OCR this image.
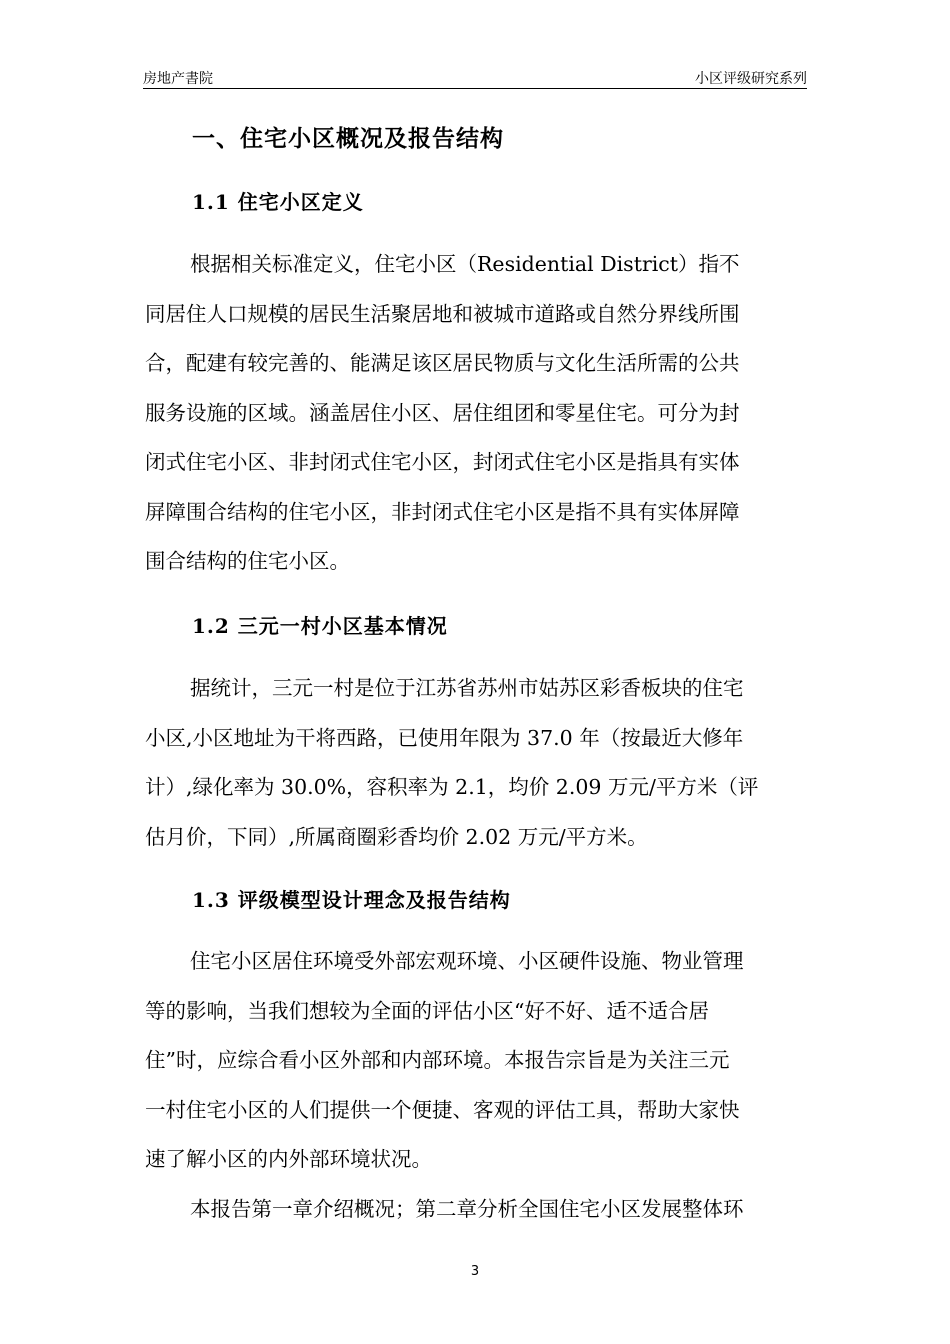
房地产書院	小区评级研究系列
一、住宅小区概况及报告结构
1.1 住宅小区定义
根据相关标准定义，住宅小区（Residential District）指不
同居住人口规模的居民生活聚居地和被城市道路或自然分界线所围
合，配建有较完善的、能满足该区居民物质与文化生活所需的公共
服务设施的区域。涵盖居住小区、居住组团和零星住宅。可分为封
闭式住宅小区、非封闭式住宅小区，封闭式住宅小区是指具有实体
屏障围合结构的住宅小区，非封闭式住宅小区是指不具有实体屏障
围合结构的住宅小区。
1.2 三元一村小区基本情况
据统计，三元一村是位于江苏省苏州市姑苏区彩香板块的住宅
小区,小区地址为干将西路，已使用年限为 37.0 年（按最近大修年
计）,绿化率为 30.0%，容积率为 2.1，均价 2.09 万元/平方米（评
估月价，下同）,所属商圈彩香均价 2.02 万元/平方米。
1.3 评级模型设计理念及报告结构
住宅小区居住环境受外部宏观环境、小区硬件设施、物业管理
等的影响，当我们想较为全面的评估小区“好不好、适不适合居
住”时，应综合看小区外部和内部环境。本报告宗旨是为关注三元
一村住宅小区的人们提供一个便捷、客观的评估工具，帮助大家快
速了解小区的内外部环境状况。
本报告第一章介绍概况；第二章分析全国住宅小区发展整体环
3
